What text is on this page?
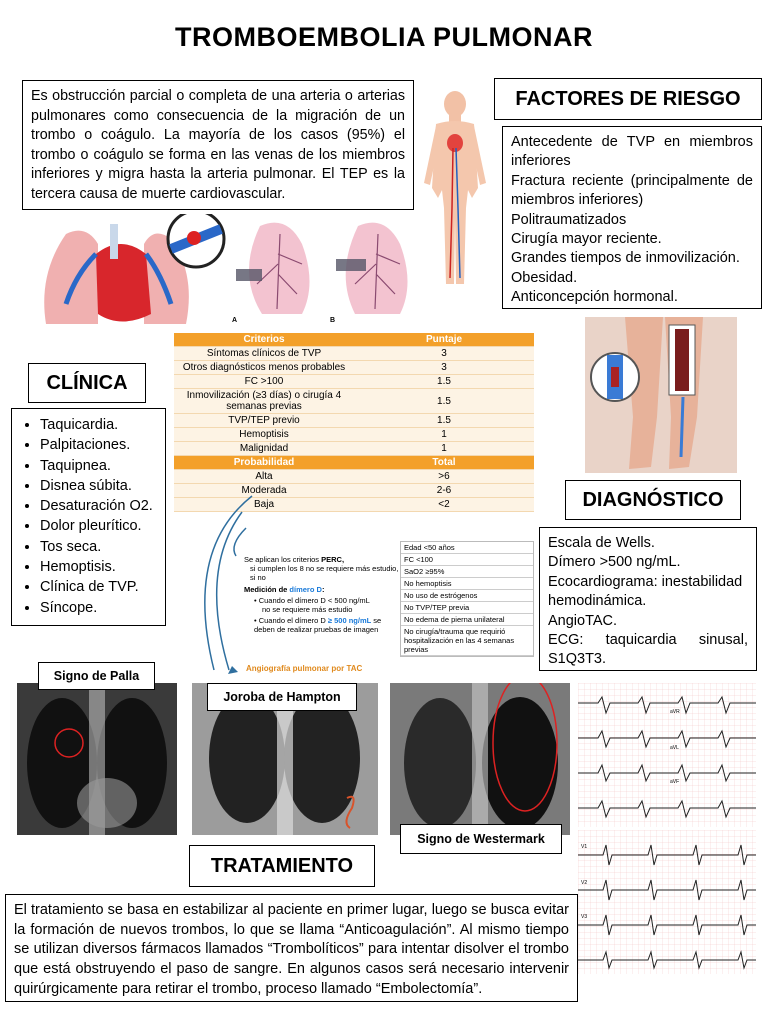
TROMBOEMBOLIA PULMONAR
Es obstrucción parcial o completa de una arteria o arterias pulmonares como consecuencia de la migración de un trombo o coágulo. La mayoría de los casos (95%) el trombo o coágulo se forma en las venas de los miembros inferiores y migra hasta la arteria pulmonar. El TEP es la tercera causa de muerte cardiovascular.
FACTORES DE RIESGO
Antecedente de TVP en miembros inferiores
Fractura reciente (principalmente de miembros inferiores)
Politraumatizados
Cirugía mayor reciente.
Grandes tiempos de inmovilización.
Obesidad.
Anticoncepción hormonal.
A	B
CLÍNICA
• Taquicardia.
• Palpitaciones.
• Taquipnea.
• Disnea súbita.
• Desaturación O2.
• Dolor pleurítico.
• Tos seca.
• Hemoptisis.
• Clínica de TVP.
• Síncope.
Criterios	Puntaje
Síntomas clínicos de TVP	3
Otros diagnósticos menos probables	3
FC >100	1.5
Inmovilización (≥3 días) o cirugía 4 semanas previas	1.5
TVP/TEP previo	1.5
Hemoptisis	1
Malignidad	1
Probabilidad	Total
Alta	>6
Moderada	2-6
Baja	<2
Se aplican los criterios PERC,
si cumplen los 8 no se requiere más estudio, si no
Medición de dímero D:
• Cuando el dímero D < 500 ng/mL
no se requiere más estudio
• Cuando el dímero D ≥ 500 ng/mL se deben de realizar pruebas de imagen
Angiografía pulmonar por TAC
Edad <50 años
FC <100
SaO2 ≥95%
No hemoptisis
No uso de estrógenos
No TVP/TEP previa
No edema de pierna unilateral
No cirugía/trauma que requirió hospitalización en las 4 semanas previas
DIAGNÓSTICO
Escala de Wells.
Dímero >500 ng/mL.
Ecocardiograma: inestabilidad hemodinámica.
AngioTAC.
ECG: taquicardia sinusal, S1Q3T3.
Signo de Palla
Joroba de Hampton
Signo de Westermark
aVR
aVL
aVF
V1
V2
V3
TRATAMIENTO
El tratamiento se basa en estabilizar al paciente en primer lugar, luego se busca evitar la formación de nuevos trombos, lo que se llama “Anticoagulación”. Al mismo tiempo se utilizan diversos fármacos llamados “Trombolíticos” para intentar disolver el trombo que está obstruyendo el paso de sangre. En algunos casos será necesario intervenir quirúrgicamente para retirar el trombo, proceso llamado “Embolectomía”.
